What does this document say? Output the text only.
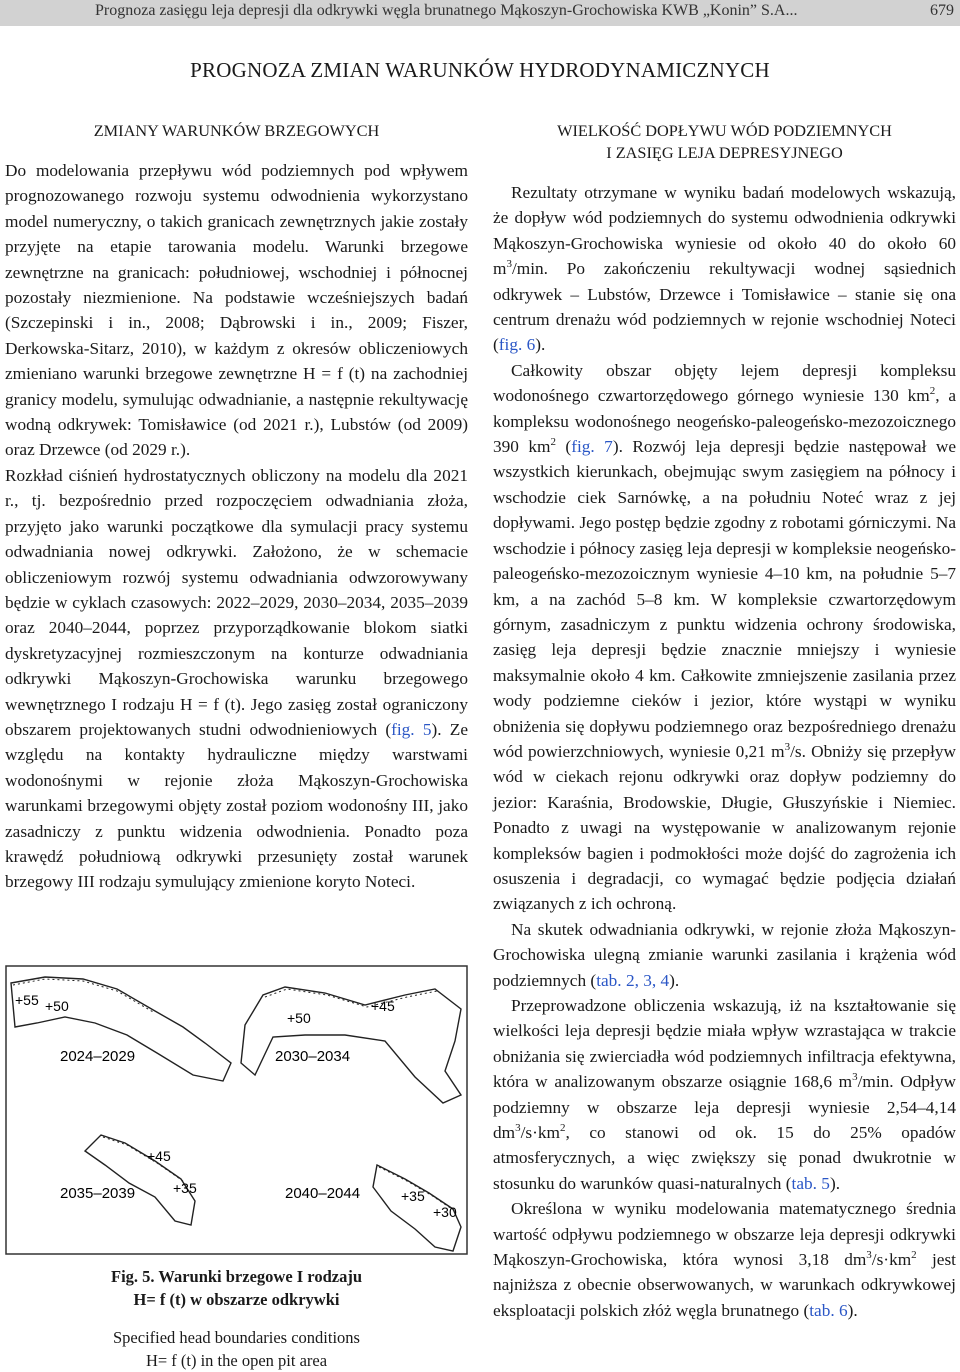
Prognoza zasięgu leja depresji dla odkrywki węgla brunatnego Mąkoszyn-Grochowiska KWB „Konin” S.A...	679
PROGNOZA ZMIAN WARUNKÓW HYDRODYNAMICZNYCH
ZMIANY WARUNKÓW BRZEGOWYCH

Do modelowania przepływu wód podziemnych pod wpływem prognozowanego rozwoju systemu odwodnienia wykorzystano model numeryczny, o takich granicach zewnętrznych jakie zostały przyjęte na etapie tarowania modelu. Warunki brzegowe zewnętrzne na granicach: południowej, wschodniej i północnej pozostały niezmienione. Na podstawie wcześniejszych badań (Szczepinski i in., 2008; Dąbrowski i in., 2009; Fiszer, Derkowska-Sitarz, 2010), w każdym z okresów obliczeniowych zmieniano warunki brzegowe zewnętrzne H = f (t) na zachodniej granicy modelu, symulując odwadnianie, a następnie rekultywację wodną odkrywek: Tomisławice (od 2021 r.), Lubstów (od 2009) oraz Drzewce (od 2029 r.).

Rozkład ciśnień hydrostatycznych obliczony na modelu dla 2021 r., tj. bezpośrednio przed rozpoczęciem odwadniania złoża, przyjęto jako warunki początkowe dla symulacji pracy systemu odwadniania nowej odkrywki. Założono, że w schemacie obliczeniowym rozwój systemu odwadniania odwzorowywany będzie w cyklach czasowych: 2022–2029, 2030–2034, 2035–2039 oraz 2040–2044, poprzez przyporządkowanie blokom siatki dyskretyzacyjnej rozmieszczonym na konturze odwadniania odkrywki Mąkoszyn-Grochowiska warunku brzegowego wewnętrznego I rodzaju H = f (t). Jego zasięg został ograniczony obszarem projektowanych studni odwodnieniowych (fig. 5). Ze względu na kontakty hydrauliczne między warstwami wodonośnymi w rejonie złoża Mąkoszyn-Grochowiska warunkami brzegowymi objęty został poziom wodonośny III, jako zasadniczy z punktu widzenia odwodnienia. Ponadto poza krawędź południową odkrywki przesunięty został warunek brzegowy III rodzaju symulujący zmienione koryto Noteci.

+55 +50
2024–2029
+50
+45
2030–2034
+45
+35
2035–2039	+35
+30
2040–2044
Fig. 5. Warunki brzegowe I rodzaju
H= f (t) w obszarze odkrywki
Specified head boundaries conditions
H= f (t) in the open pit area
WIELKOŚĆ DOPŁYWU WÓD PODZIEMNYCH
I ZASIĘG LEJA DEPRESYJNEGO

Rezultaty otrzymane w wyniku badań modelowych wskazują, że dopływ wód podziemnych do systemu odwodnienia odkrywki Mąkoszyn-Grochowiska wyniesie od około 40 do około 60 $m^3/\min$. Po zakończeniu rekultywacji wodnej sąsiednich odkrywek – Lubstów, Drzewce i Tomisławice – stanie się ona centrum drenażu wód podziemnych w rejonie wschodniej Noteci (fig. 6).

Całkowity obszar objęty lejem depresji kompleksu wodonośnego czwartorzędowego górnego wyniesie 130 $km^2$, a kompleksu wodonośnego neogeńsko-paleogeńsko-mezozoicznego 390 $km^2$ (fig. 7). Rozwój leja depresji będzie następował we wszystkich kierunkach, obejmując swym zasięgiem na północy i wschodzie ciek Sarnówkę, a na południu Noteć wraz z jej dopływami. Jego postęp będzie zgodny z robotami górniczymi. Na wschodzie i północy zasięg leja depresji w kompleksie neogeńsko-paleogeńsko-mezozoicznym wyniesie 4–10 km, na południe 5–7 km, a na zachód 5–8 km. W kompleksie czwartorzędowym górnym, zasadniczym z punktu widzenia ochrony środowiska, zasięg leja depresji będzie znacznie mniejszy i wyniesie maksymalnie około 4 km. Całkowite zmniejszenie zasilania przez wody podziemne cieków i jezior, które wystąpi w wyniku obniżenia się dopływu podziemnego oraz bezpośredniego drenażu wód powierzchniowych, wyniesie 0,21 $m^3/s$. Obniży się przepływ wód w ciekach rejonu odkrywki oraz dopływ podziemny do jezior: Karaśnia, Brodowskie, Długie, Głuszyńskie i Niemiec. Ponadto z uwagi na występowanie w analizowanym rejonie kompleksów bagien i podmokłości może dojść do zagrożenia ich osuszenia i degradacji, co wymagać będzie podjęcia działań związanych z ich ochroną.

Na skutek odwadniania odkrywki, w rejonie złoża Mąkoszyn-Grochowiska ulegną zmianie warunki zasilania i krążenia wód podziemnych (tab. 2, 3, 4).

Przeprowadzone obliczenia wskazują, iż na kształtowanie się wielkości leja depresji będzie miała wpływ wzrastająca w trakcie obniżania się zwierciadła wód podziemnych infiltracja efektywna, która w analizowanym obszarze osiągnie 168,6 $m^3/\min$. Odpływ podziemny w obszarze leja depresji wyniesie 2,54–4,14 $dm^3/s\cdot km^2$, co stanowi od ok. 15 do 25% opadów atmosferycznych, a więc zwiększy się ponad dwukrotnie w stosunku do warunków quasi-naturalnych (tab. 5).

Określona w wyniku modelowania matematycznego średnia wartość odpływu podziemnego w obszarze leja depresji odkrywki Mąkoszyn-Grochowiska, która wynosi 3,18 $dm^3/s\cdot km^2$ jest najniższa z obecnie obserwowanych, w warunkach odkrywkowej eksploatacji polskich złóż węgla brunatnego (tab. 6).
